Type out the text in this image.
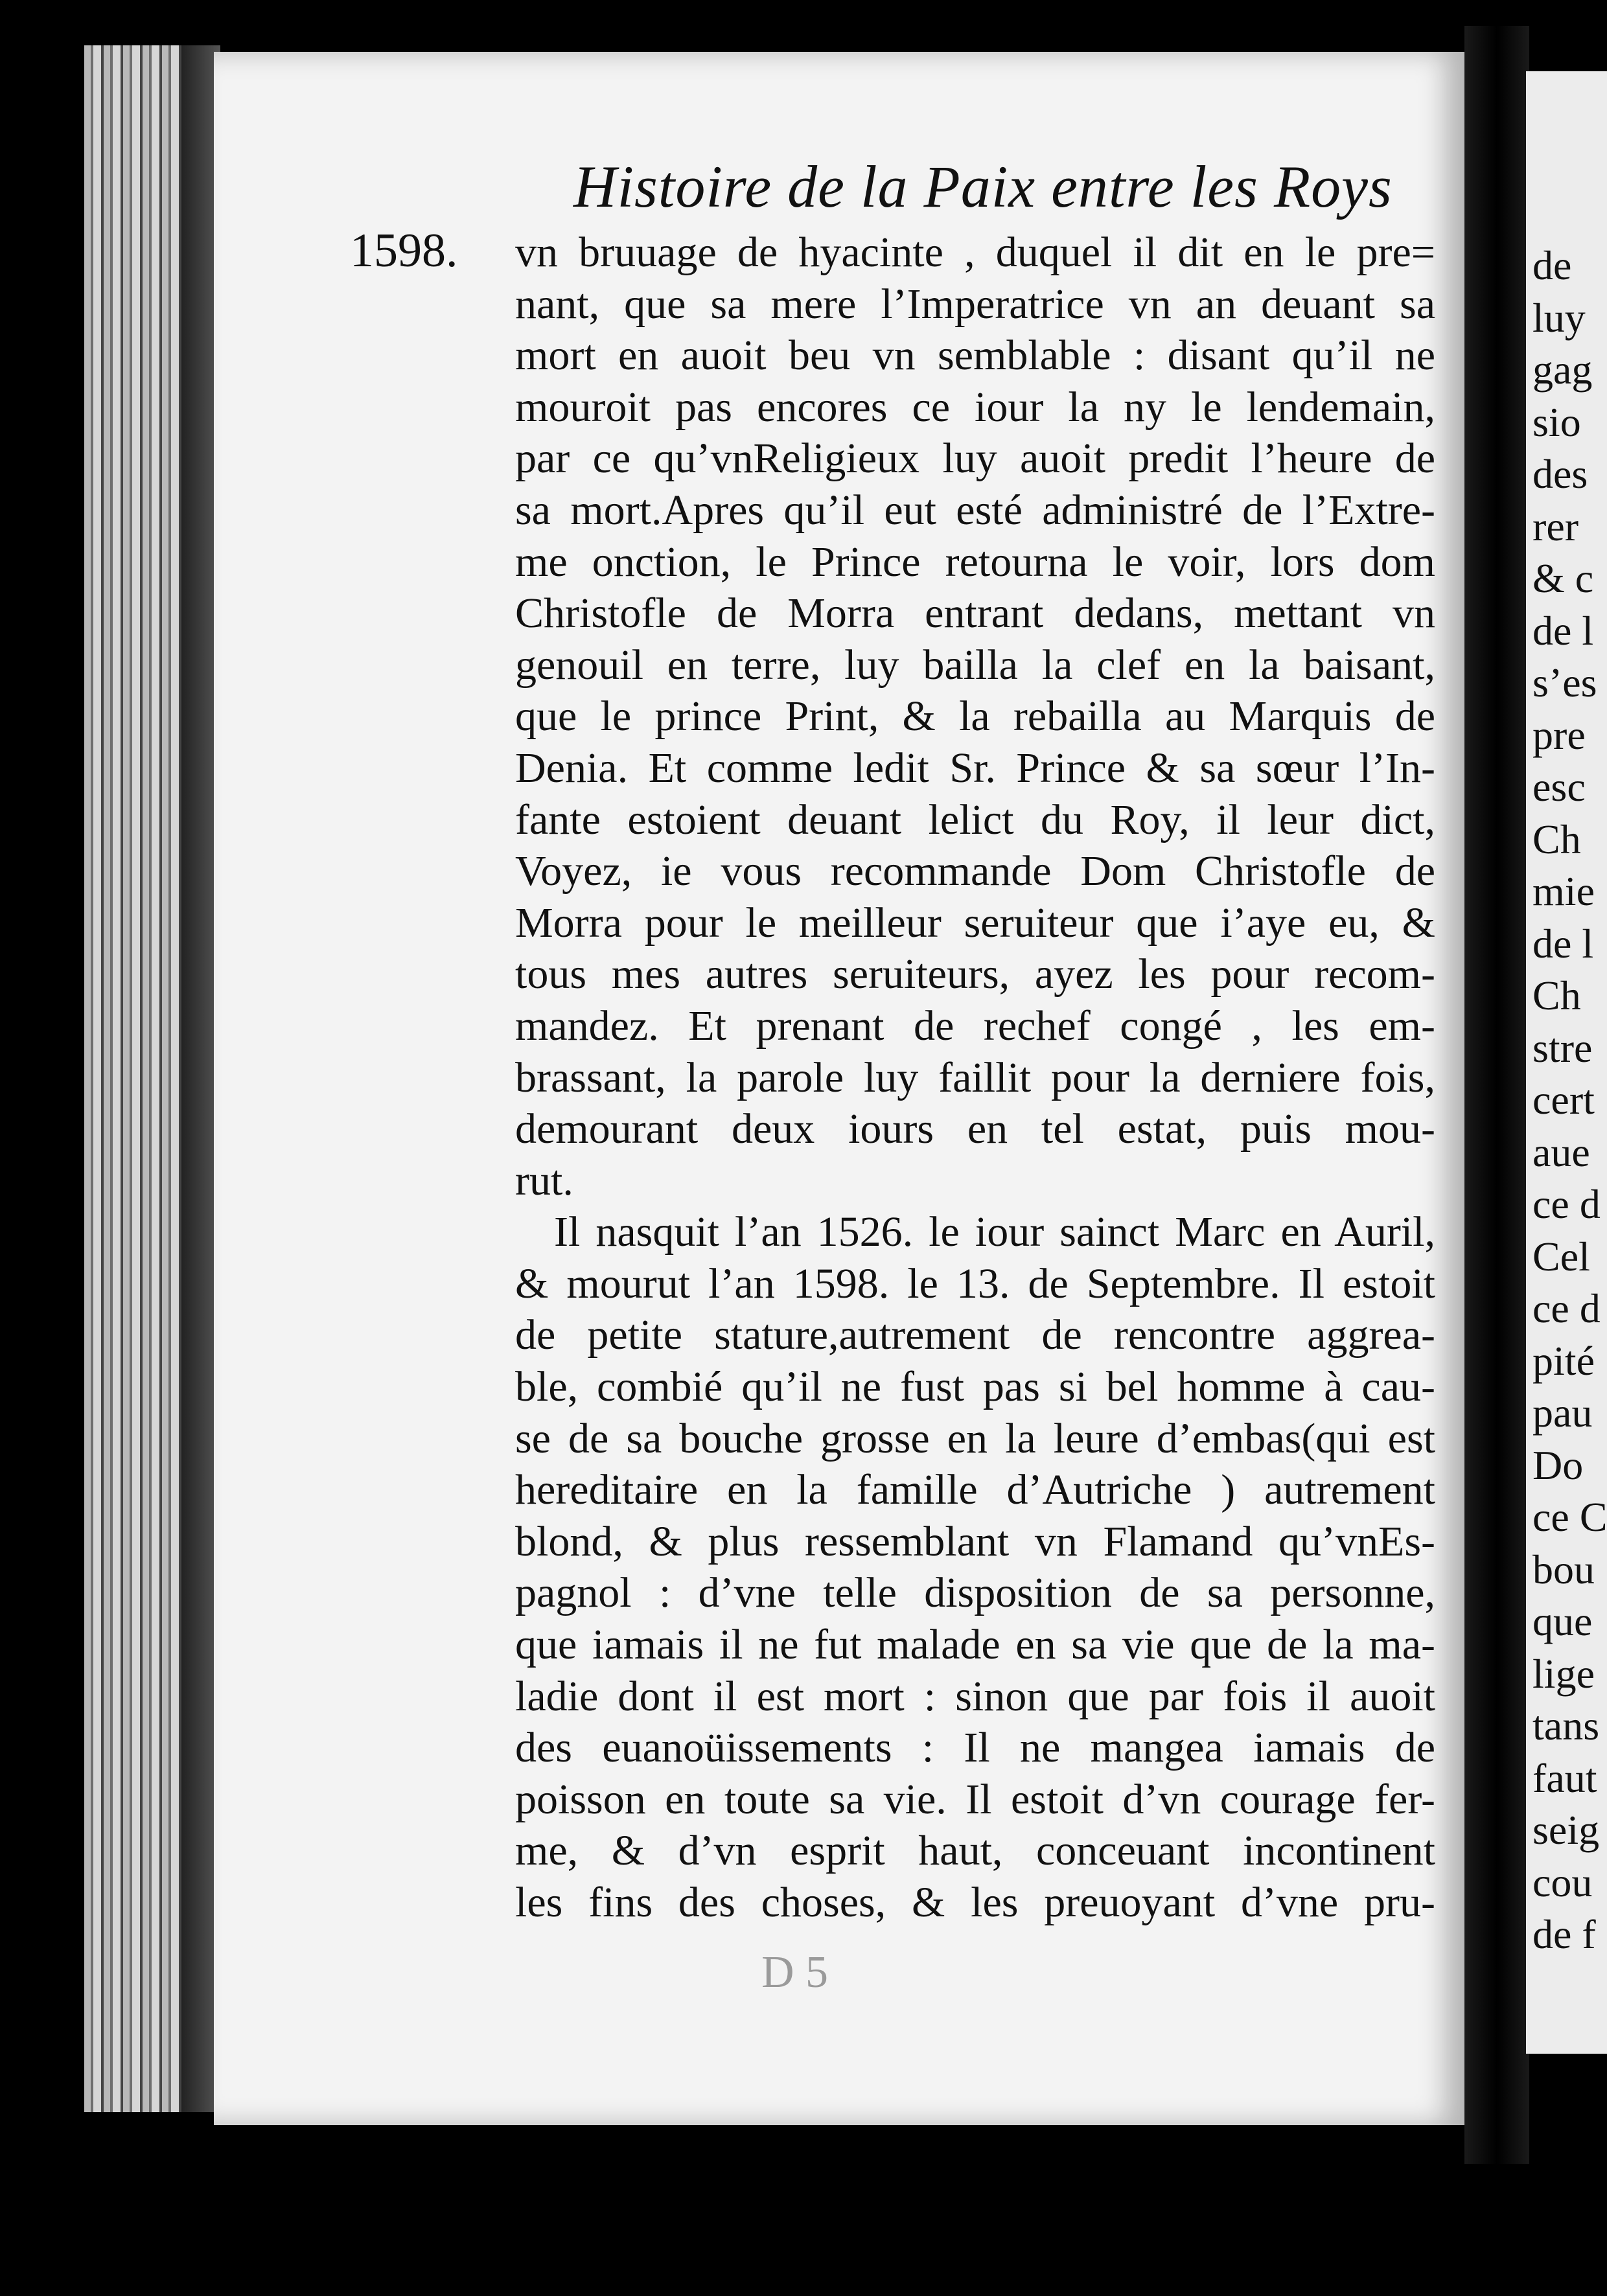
de
luy
gag
sio
des
rer
& c
de l
s’es
pre
esc
Ch
mie
de l
Ch
stre
cert
aue
ce d
Cel
ce d
pité
pau
Do
ce C
bou
que
lige
tans
faut
seig
cou
de f
Histoire de la Paix entre les Roys
1598. vn bruuage de hyacinte , duquel il dit en le pre=
nant, que sa mere l’Imperatrice vn an deuant sa
mort en auoit beu vn semblable : disant qu’il ne
mouroit pas encores ce iour la ny le lendemain,
par ce qu’vnReligieux luy auoit predit l’heure de
sa mort.Apres qu’il eut esté administré de l’Extre-
me onction, le Prince retourna le voir, lors dom
Christofle de Morra entrant dedans, mettant vn
genouil en terre, luy bailla la clef en la baisant,
que le prince Print, & la rebailla au Marquis de
Denia. Et comme ledit Sr. Prince & sa sœur l’In-
fante estoient deuant lelict du Roy, il leur dict,
Voyez, ie vous recommande Dom Christofle de
Morra pour le meilleur seruiteur que i’aye eu, &
tous mes autres seruiteurs, ayez les pour recom-
mandez. Et prenant de rechef congé , les em-
brassant, la parole luy faillit pour la derniere fois,
demourant deux iours en tel estat, puis mou-
rut.
Il nasquit l’an 1526. le iour sainct Marc en Auril,
& mourut l’an 1598. le 13. de Septembre. Il estoit
de petite stature,autrement de rencontre aggrea-
ble, combié qu’il ne fust pas si bel homme à cau-
se de sa bouche grosse en la leure d’embas(qui est
hereditaire en la famille d’Autriche ) autrement
blond, & plus ressemblant vn Flamand qu’vnEs-
pagnol : d’vne telle disposition de sa personne,
que iamais il ne fut malade en sa vie que de la ma-
ladie dont il est mort : sinon que par fois il auoit
des euanoüissements : Il ne mangea iamais de
poisson en toute sa vie. Il estoit d’vn courage fer-
me, & d’vn esprit haut, conceuant incontinent
les fins des choses, & les preuoyant d’vne pru-
D 5
